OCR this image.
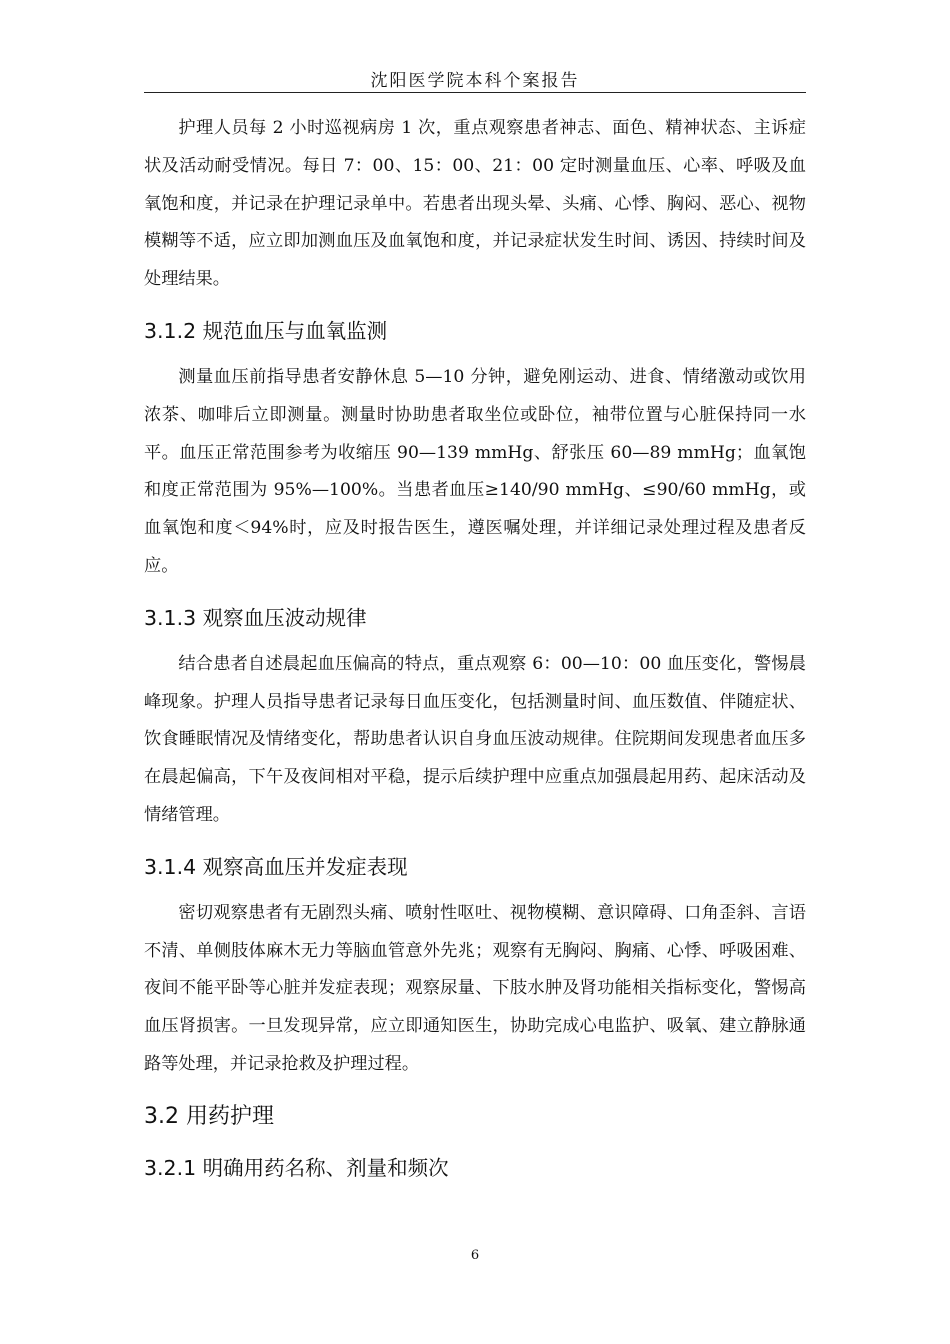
沈阳医学院本科个案报告

护理人员每 2 小时巡视病房 1 次，重点观察患者神志、面色、精神状态、主诉症状及活动耐受情况。每日 7：00、15：00、21：00 定时测量血压、心率、呼吸及血氧饱和度，并记录在护理记录单中。若患者出现头晕、头痛、心悸、胸闷、恶心、视物模糊等不适，应立即加测血压及血氧饱和度，并记录症状发生时间、诱因、持续时间及处理结果。

3.1.2 规范血压与血氧监测

测量血压前指导患者安静休息 5—10 分钟，避免刚运动、进食、情绪激动或饮用浓茶、咖啡后立即测量。测量时协助患者取坐位或卧位，袖带位置与心脏保持同一水平。血压正常范围参考为收缩压 90—139 mmHg、舒张压 60—89 mmHg；血氧饱和度正常范围为 95%—100%。当患者血压≥140/90 mmHg、≤90/60 mmHg，或血氧饱和度＜94%时，应及时报告医生，遵医嘱处理，并详细记录处理过程及患者反应。

3.1.3 观察血压波动规律

结合患者自述晨起血压偏高的特点，重点观察 6：00—10：00 血压变化，警惕晨峰现象。护理人员指导患者记录每日血压变化，包括测量时间、血压数值、伴随症状、饮食睡眠情况及情绪变化，帮助患者认识自身血压波动规律。住院期间发现患者血压多在晨起偏高，下午及夜间相对平稳，提示后续护理中应重点加强晨起用药、起床活动及情绪管理。

3.1.4 观察高血压并发症表现

密切观察患者有无剧烈头痛、喷射性呕吐、视物模糊、意识障碍、口角歪斜、言语不清、单侧肢体麻木无力等脑血管意外先兆；观察有无胸闷、胸痛、心悸、呼吸困难、夜间不能平卧等心脏并发症表现；观察尿量、下肢水肿及肾功能相关指标变化，警惕高血压肾损害。一旦发现异常，应立即通知医生，协助完成心电监护、吸氧、建立静脉通路等处理，并记录抢救及护理过程。

3.2 用药护理
3.2.1 明确用药名称、剂量和频次
6
